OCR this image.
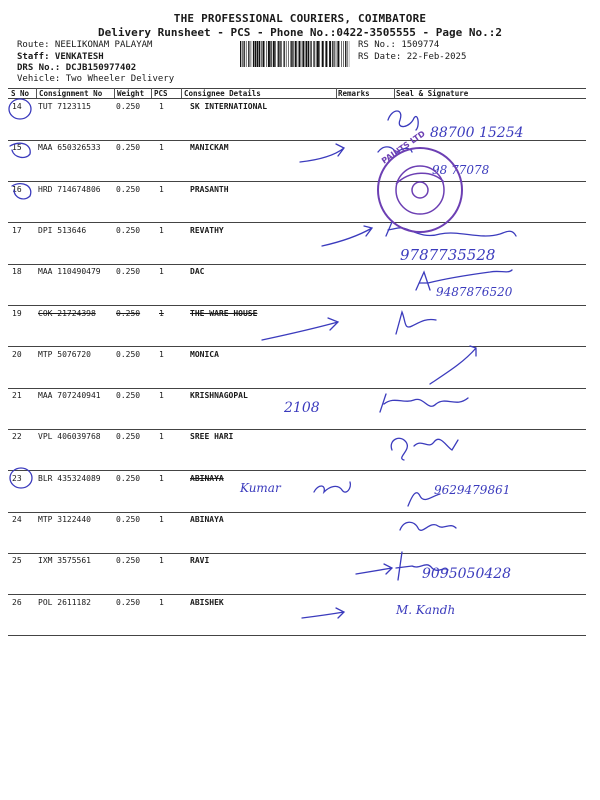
THE PROFESSIONAL COURIERS, COIMBATORE
Delivery Runsheet - PCS - Phone No.:0422-3505555 - Page No.:2
Route: NEELIKONAM PALAYAM
Staff: VENKATESH
DRS No.: DCJB150977402
Vehicle: Two Wheeler Delivery
RS No.: 1509774
RS Date: 22-Feb-2025
S No Consignment No Weight PCS Consignee Details	Remarks	Seal & Signature
14 TUT 7123115	0.250 1	SK INTERNATIONAL
15 MAA 650326533 0.250 1	MANICKAM
16 HRD 714674806 0.250 1	PRASANTH
17 DPI 513646	0.250 1	REVATHY
18 MAA 110490479 0.250 1	DAC
19 COK 21724398	0.250 1	THE WARE HOUSE
20 MTP 5076720	0.250 1	MONICA
21 MAA 707240941 0.250 1	KRISHNAGOPAL
22 VPL 406039768 0.250 1	SREE HARI
23 BLR 435324089 0.250 1	ABINAYA
24 MTP 3122440	0.250 1	ABINAYA
25 IXM 3575561	0.250 1	RAVI
26 POL 2611182	0.250 1	ABISHEK
88700 15254
98 77078
9787735528
9487876520
2108
Kumar	9629479861
9095050428
M. Kandh
PAINTS LTD
